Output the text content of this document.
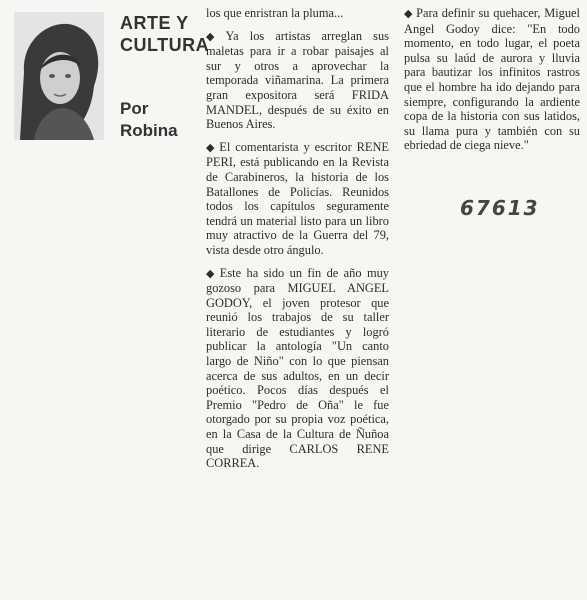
ARTE Y CULTURA
Por Robina

los que enristran la pluma...

◆ Ya los artistas arreglan sus maletas para ir a robar paisajes al sur y otros a aprovechar la temporada viñamarina. La primera gran expositora será FRIDA MANDEL, después de su éxito en Buenos Aires.

◆ El comentarista y escritor RENE PERI, está publicando en la Revista de Carabineros, la historia de los Batallones de Policías. Reunidos todos los capítulos seguramente tendrá un material listo para un libro muy atractivo de la Guerra del 79, vista desde otro ángulo.

◆ Este ha sido un fin de año muy gozoso para MIGUEL ANGEL GODOY, el joven protesor que reunió los trabajos de su taller literario de estudiantes y logró publicar la antología "Un canto largo de Niño" con lo que piensan acerca de sus adultos, en un decir poético. Pocos días después el Premio "Pedro de Oña" le fue otorgado por su propia voz poética, en la Casa de la Cultura de Ñuñoa que dirige CARLOS RENE CORREA.

◆ Para definir su quehacer, Miguel Angel Godoy dice: "En todo momento, en todo lugar, el poeta pulsa su laúd de aurora y lluvia para bautizar los infinitos rastros que el hombre ha ido dejando para siempre, configurando la ardiente copa de la historia con sus latidos, su llama pura y también con su ebriedad de ciega nieve."

67613
